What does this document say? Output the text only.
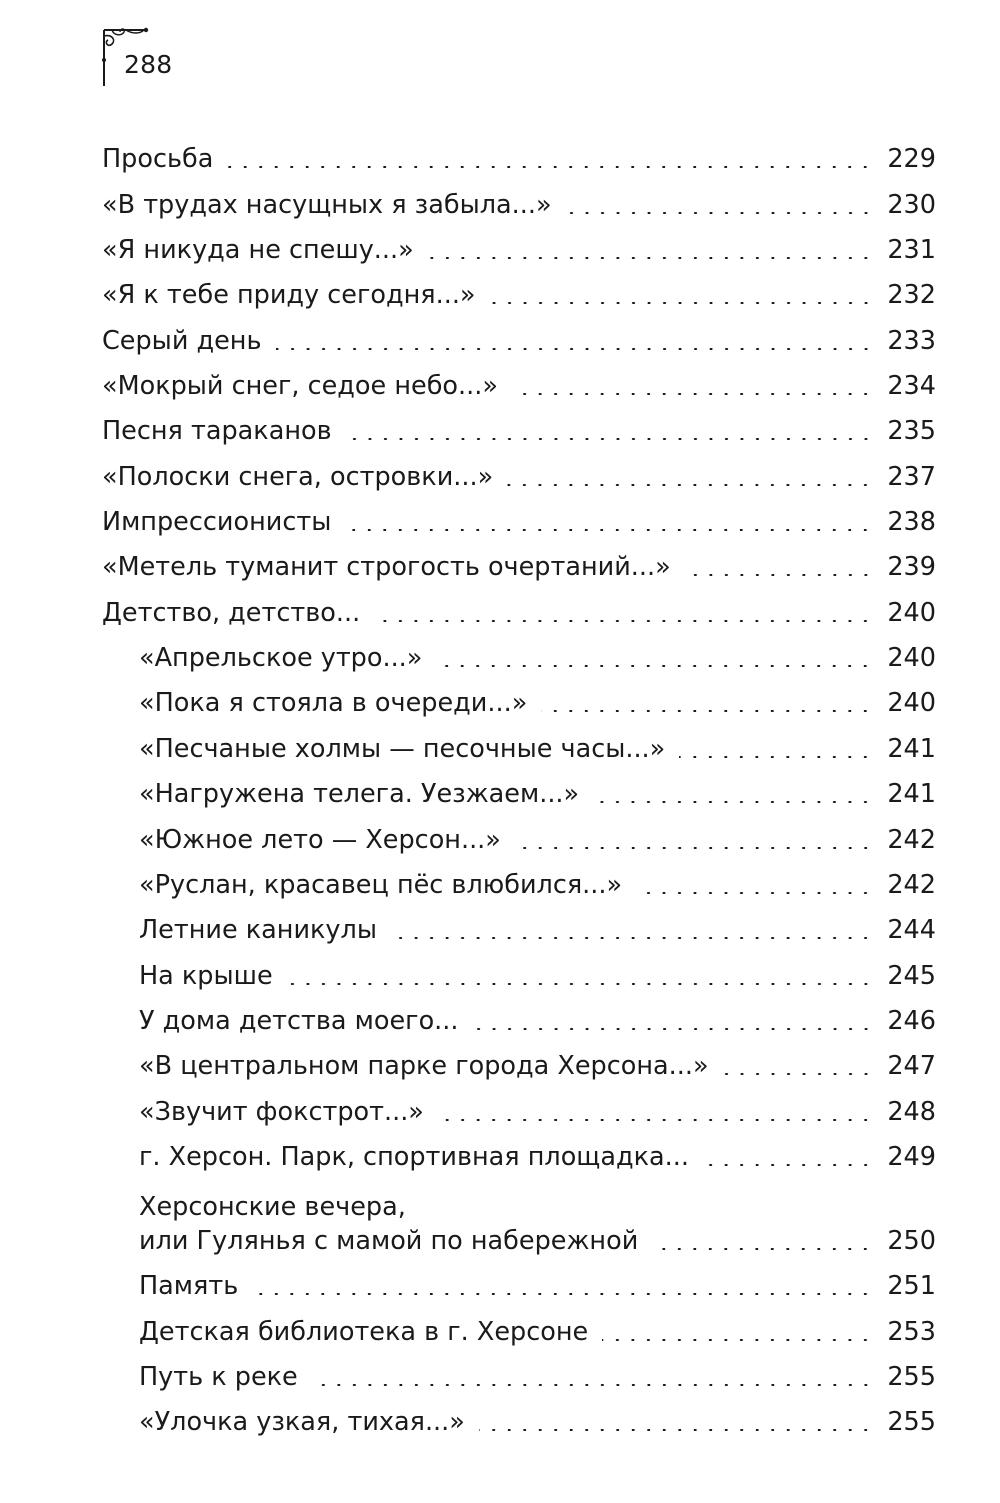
288
Просьба	229
«В трудах насущных я забыла...»	230
«Я никуда не спешу...»	231
«Я к тебе приду сегодня...»	232
Серый день	233
«Мокрый снег, седое небо...»	234
Песня тараканов	235
«Полоски снега, островки...»	237
Импрессионисты	238
«Метель туманит строгость очертаний...»	239
Детство, детство...	240
«Апрельское утро...»	240
«Пока я стояла в очереди...»	240
«Песчаные холмы — песочные часы...»	241
«Нагружена телега. Уезжаем...»	241
«Южное лето — Херсон...»	242
«Руслан, красавец пёс влюбился...»	242
Летние каникулы	244
На крыше	245
У дома детства моего...	246
«В центральном парке города Херсона...»	247
«Звучит фокстрот...»	248
г. Херсон. Парк, спортивная площадка...	249
Херсонские вечера,
или Гулянья с мамой по набережной	250
Память	251
Детская библиотека в г. Херсоне	253
Путь к реке	255
«Улочка узкая, тихая...»	255
